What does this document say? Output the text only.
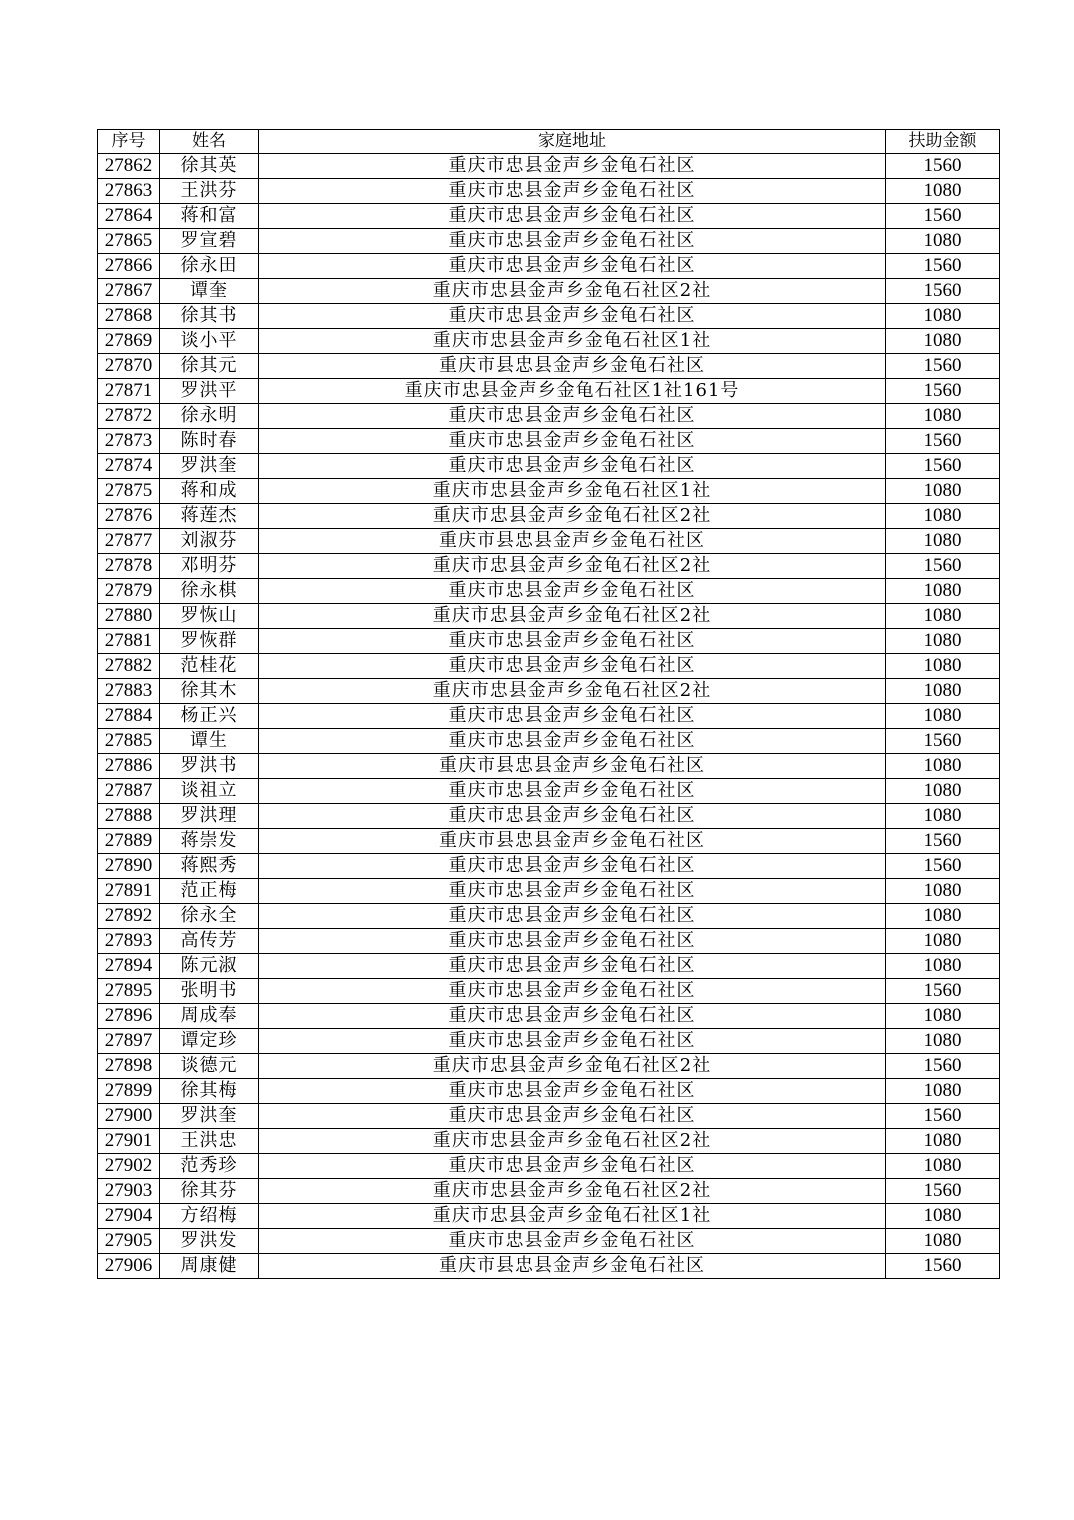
序号	姓名	家庭地址	扶助金额
27862	徐其英	重庆市忠县金声乡金龟石社区	1560
27863	王洪芬	重庆市忠县金声乡金龟石社区	1080
27864	蒋和富	重庆市忠县金声乡金龟石社区	1560
27865	罗宣碧	重庆市忠县金声乡金龟石社区	1080
27866	徐永田	重庆市忠县金声乡金龟石社区	1560
27867	谭奎	重庆市忠县金声乡金龟石社区2社	1560
27868	徐其书	重庆市忠县金声乡金龟石社区	1080
27869	谈小平	重庆市忠县金声乡金龟石社区1社	1080
27870	徐其元	重庆市县忠县金声乡金龟石社区	1560
27871	罗洪平	重庆市忠县金声乡金龟石社区1社161号	1560
27872	徐永明	重庆市忠县金声乡金龟石社区	1080
27873	陈时春	重庆市忠县金声乡金龟石社区	1560
27874	罗洪奎	重庆市忠县金声乡金龟石社区	1560
27875	蒋和成	重庆市忠县金声乡金龟石社区1社	1080
27876	蒋莲杰	重庆市忠县金声乡金龟石社区2社	1080
27877	刘淑芬	重庆市县忠县金声乡金龟石社区	1080
27878	邓明芬	重庆市忠县金声乡金龟石社区2社	1560
27879	徐永棋	重庆市忠县金声乡金龟石社区	1080
27880	罗恢山	重庆市忠县金声乡金龟石社区2社	1080
27881	罗恢群	重庆市忠县金声乡金龟石社区	1080
27882	范桂花	重庆市忠县金声乡金龟石社区	1080
27883	徐其木	重庆市忠县金声乡金龟石社区2社	1080
27884	杨正兴	重庆市忠县金声乡金龟石社区	1080
27885	谭生	重庆市忠县金声乡金龟石社区	1560
27886	罗洪书	重庆市县忠县金声乡金龟石社区	1080
27887	谈祖立	重庆市忠县金声乡金龟石社区	1080
27888	罗洪理	重庆市忠县金声乡金龟石社区	1080
27889	蒋崇发	重庆市县忠县金声乡金龟石社区	1560
27890	蒋熙秀	重庆市忠县金声乡金龟石社区	1560
27891	范正梅	重庆市忠县金声乡金龟石社区	1080
27892	徐永全	重庆市忠县金声乡金龟石社区	1080
27893	高传芳	重庆市忠县金声乡金龟石社区	1080
27894	陈元淑	重庆市忠县金声乡金龟石社区	1080
27895	张明书	重庆市忠县金声乡金龟石社区	1560
27896	周成奉	重庆市忠县金声乡金龟石社区	1080
27897	谭定珍	重庆市忠县金声乡金龟石社区	1080
27898	谈德元	重庆市忠县金声乡金龟石社区2社	1560
27899	徐其梅	重庆市忠县金声乡金龟石社区	1080
27900	罗洪奎	重庆市忠县金声乡金龟石社区	1560
27901	王洪忠	重庆市忠县金声乡金龟石社区2社	1080
27902	范秀珍	重庆市忠县金声乡金龟石社区	1080
27903	徐其芬	重庆市忠县金声乡金龟石社区2社	1560
27904	方绍梅	重庆市忠县金声乡金龟石社区1社	1080
27905	罗洪发	重庆市忠县金声乡金龟石社区	1080
27906	周康健	重庆市县忠县金声乡金龟石社区	1560
